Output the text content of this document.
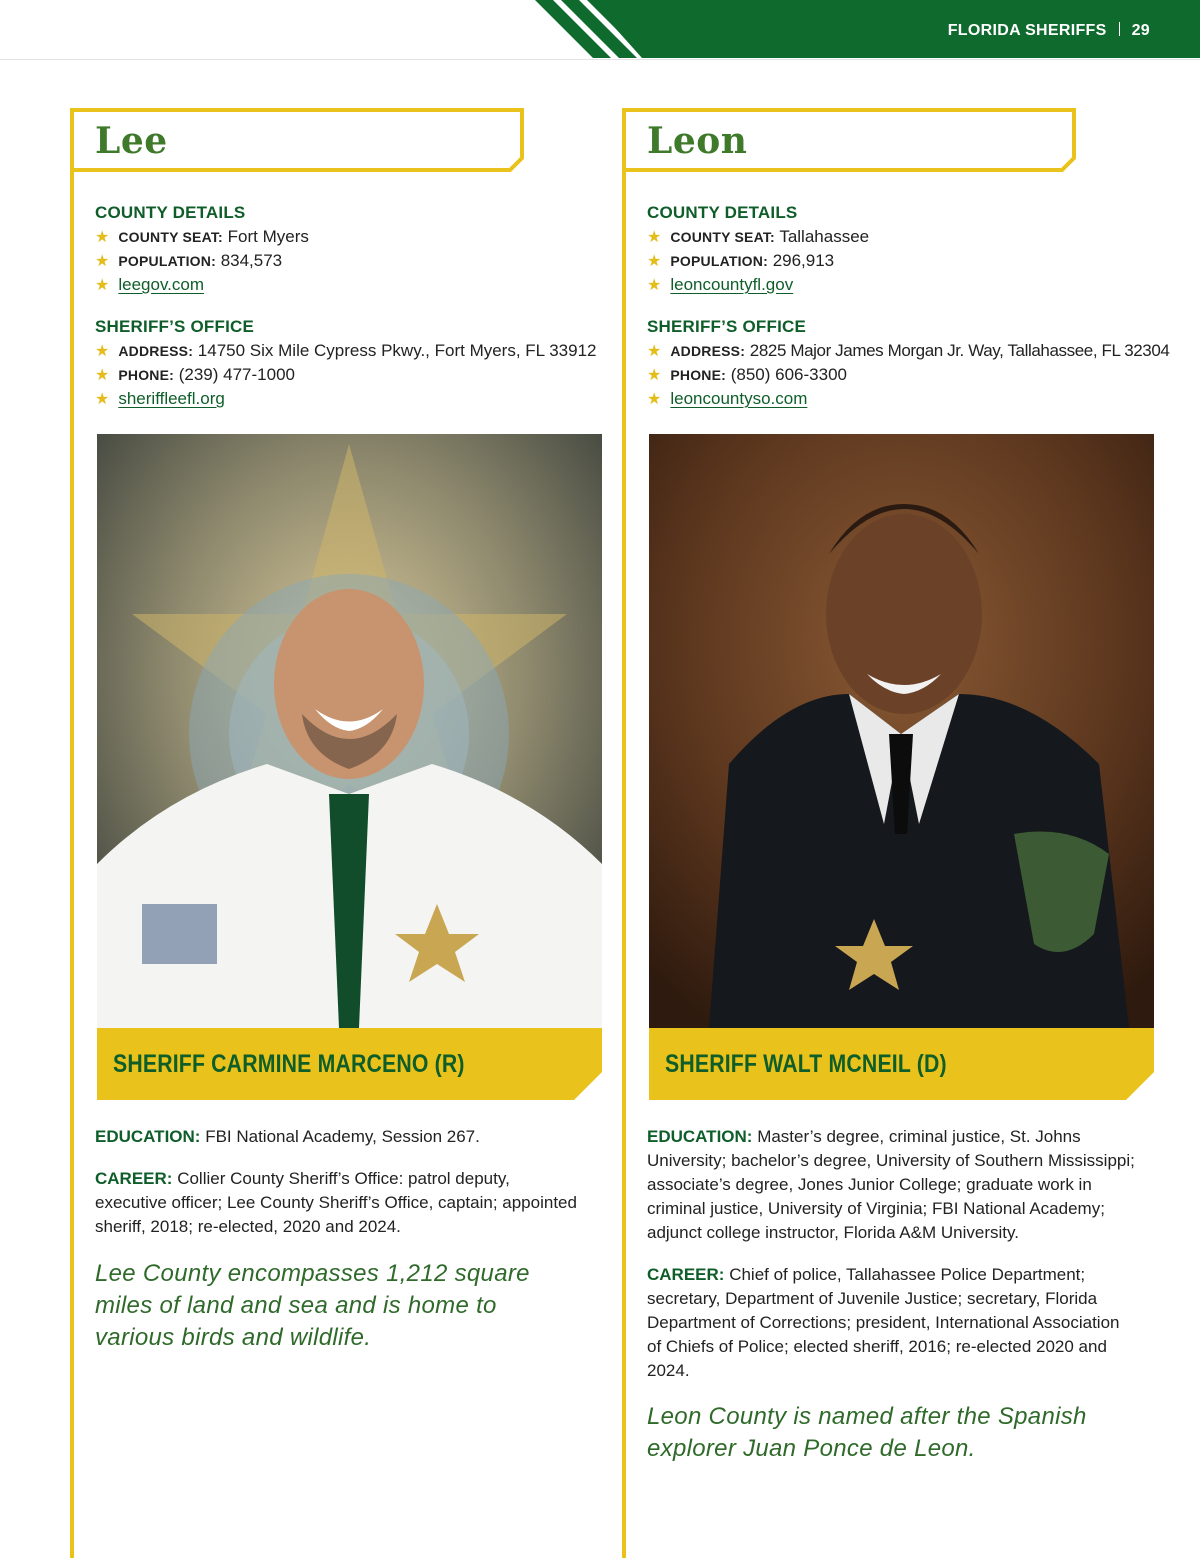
FLORIDA SHERIFFS 29
Lee
COUNTY DETAILS
★ COUNTY SEAT: Fort Myers
★ POPULATION: 834,573
★ leegov.com
SHERIFF’S OFFICE
★ ADDRESS: 14750 Six Mile Cypress Pkwy., Fort Myers, FL 33912
★ PHONE: (239) 477-1000
★ sheriffleefl.org
SHERIFF CARMINE MARCENO (R)
EDUCATION: FBI National Academy, Session 267.
CAREER: Collier County Sheriff’s Office: patrol deputy, executive officer; Lee County Sheriff’s Office, captain; appointed sheriff, 2018; re-elected, 2020 and 2024.
Lee County encompasses 1,212 square miles of land and sea and is home to various birds and wildlife.
Leon
COUNTY DETAILS
★ COUNTY SEAT: Tallahassee
★ POPULATION: 296,913
★ leoncountyfl.gov
SHERIFF’S OFFICE
★ ADDRESS: 2825 Major James Morgan Jr. Way, Tallahassee, FL 32304
★ PHONE: (850) 606-3300
★ leoncountyso.com
SHERIFF WALT MCNEIL (D)
EDUCATION: Master’s degree, criminal justice, St. Johns University; bachelor’s degree, University of Southern Mississippi; associate’s degree, Jones Junior College; graduate work in criminal justice, University of Virginia; FBI National Academy; adjunct college instructor, Florida A&M University.
CAREER: Chief of police, Tallahassee Police Department; secretary, Department of Juvenile Justice; secretary, Florida Department of Corrections; president, International Association of Chiefs of Police; elected sheriff, 2016; re-elected 2020 and 2024.
Leon County is named after the Spanish explorer Juan Ponce de Leon.
